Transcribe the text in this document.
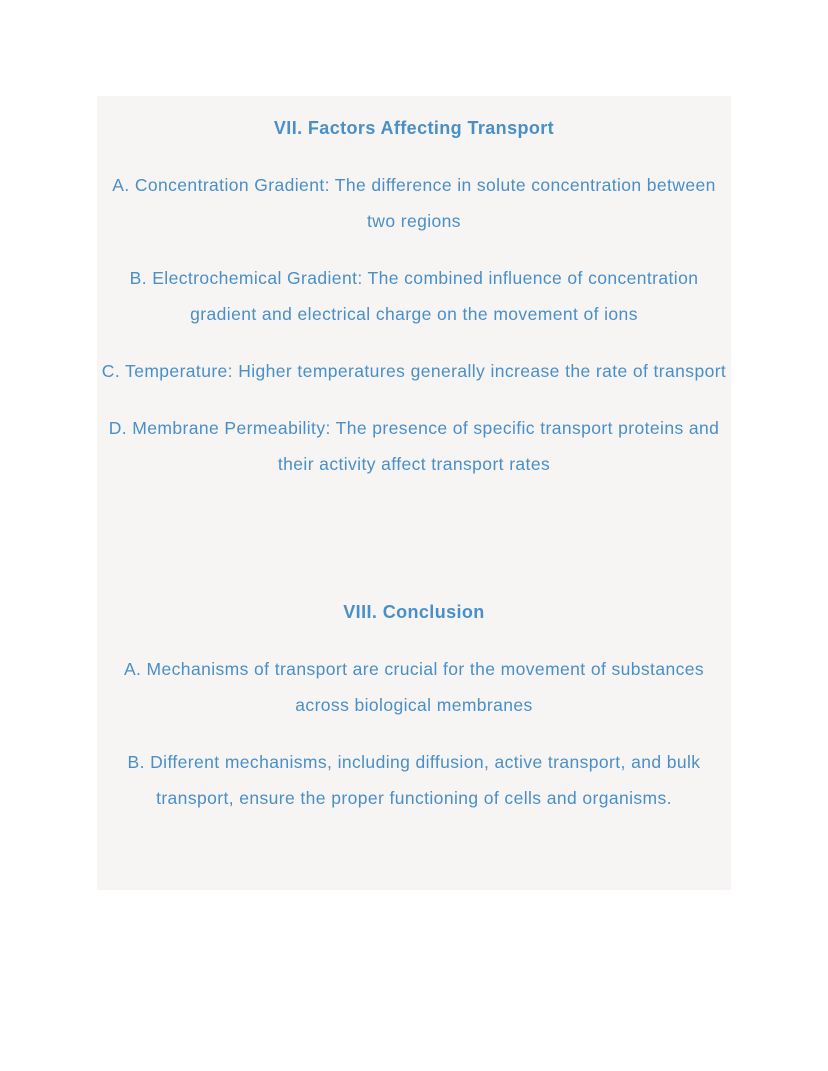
VII. Factors Affecting Transport

A. Concentration Gradient: The difference in solute concentration between two regions

B. Electrochemical Gradient: The combined influence of concentration gradient and electrical charge on the movement of ions

C. Temperature: Higher temperatures generally increase the rate of transport

D. Membrane Permeability: The presence of specific transport proteins and their activity affect transport rates

VIII. Conclusion

A. Mechanisms of transport are crucial for the movement of substances across biological membranes

B. Different mechanisms, including diffusion, active transport, and bulk transport, ensure the proper functioning of cells and organisms.
